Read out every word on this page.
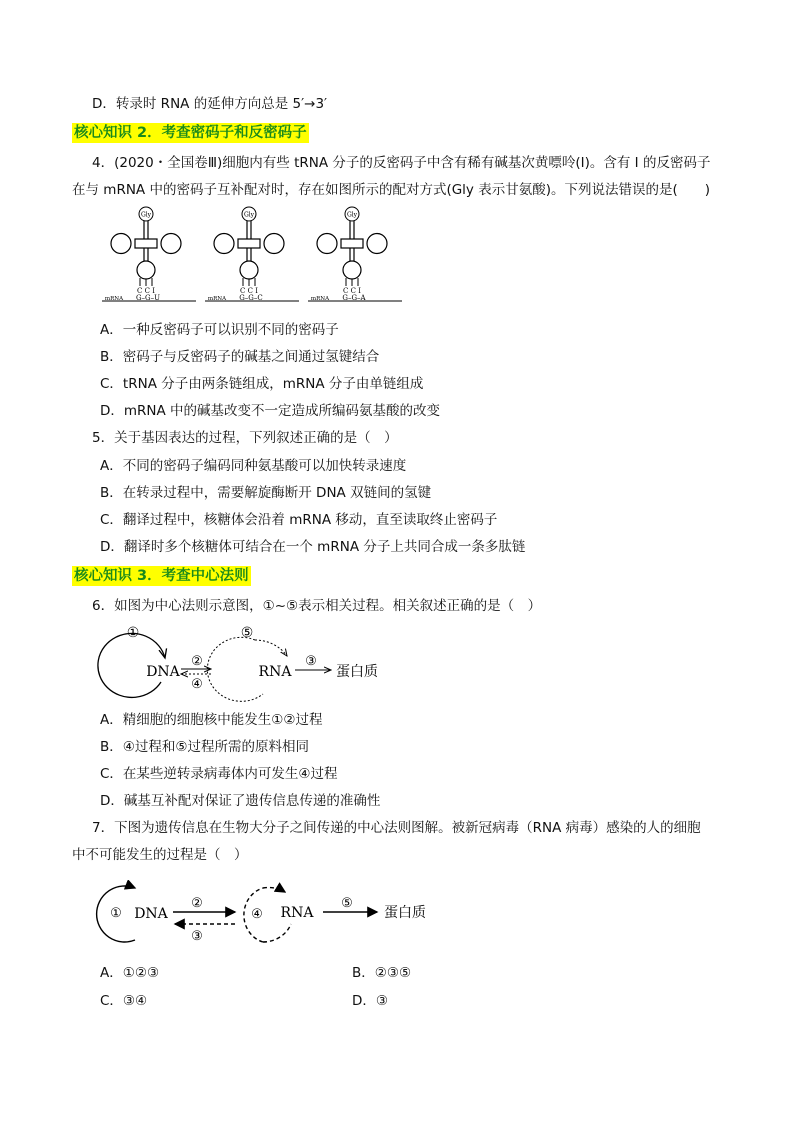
D．转录时 RNA 的延伸方向总是 5′→3′
核心知识 2．考查密码子和反密码子
4．(2020・全国卷Ⅲ)细胞内有些 tRNA 分子的反密码子中含有稀有碱基次黄嘌呤(I)。含有 I 的反密码子
在与 mRNA 中的密码子互补配对时，存在如图所示的配对方式(Gly 表示甘氨酸)。下列说法错误的是(　　)
Gly
C C I
mRNA G–G–U
Gly
C C I
mRNA G–G–C
Gly
C C I
mRNA G–G–A
A．一种反密码子可以识别不同的密码子
B．密码子与反密码子的碱基之间通过氢键结合
C．tRNA 分子由两条链组成，mRNA 分子由单链组成
D．mRNA 中的碱基改变不一定造成所编码氨基酸的改变
5．关于基因表达的过程，下列叙述正确的是（　）
A．不同的密码子编码同种氨基酸可以加快转录速度
B．在转录过程中，需要解旋酶断开 DNA 双链间的氢键
C．翻译过程中，核糖体会沿着 mRNA 移动，直至读取终止密码子
D．翻译时多个核糖体可结合在一个 mRNA 分子上共同合成一条多肽链
核心知识 3．考查中心法则
6．如图为中心法则示意图，①~⑤表示相关过程。相关叙述正确的是（　）
①
DNA
②
④
⑤
RNA
③
蛋白质
A．精细胞的细胞核中能发生①②过程
B．④过程和⑤过程所需的原料相同
C．在某些逆转录病毒体内可发生④过程
D．碱基互补配对保证了遗传信息传递的准确性
7．下图为遗传信息在生物大分子之间传递的中心法则图解。被新冠病毒（RNA 病毒）感染的人的细胞
中不可能发生的过程是（　）
① DNA
②
③
④ RNA
⑤
蛋白质
A．①②③	B．②③⑤
C．③④	D．③
